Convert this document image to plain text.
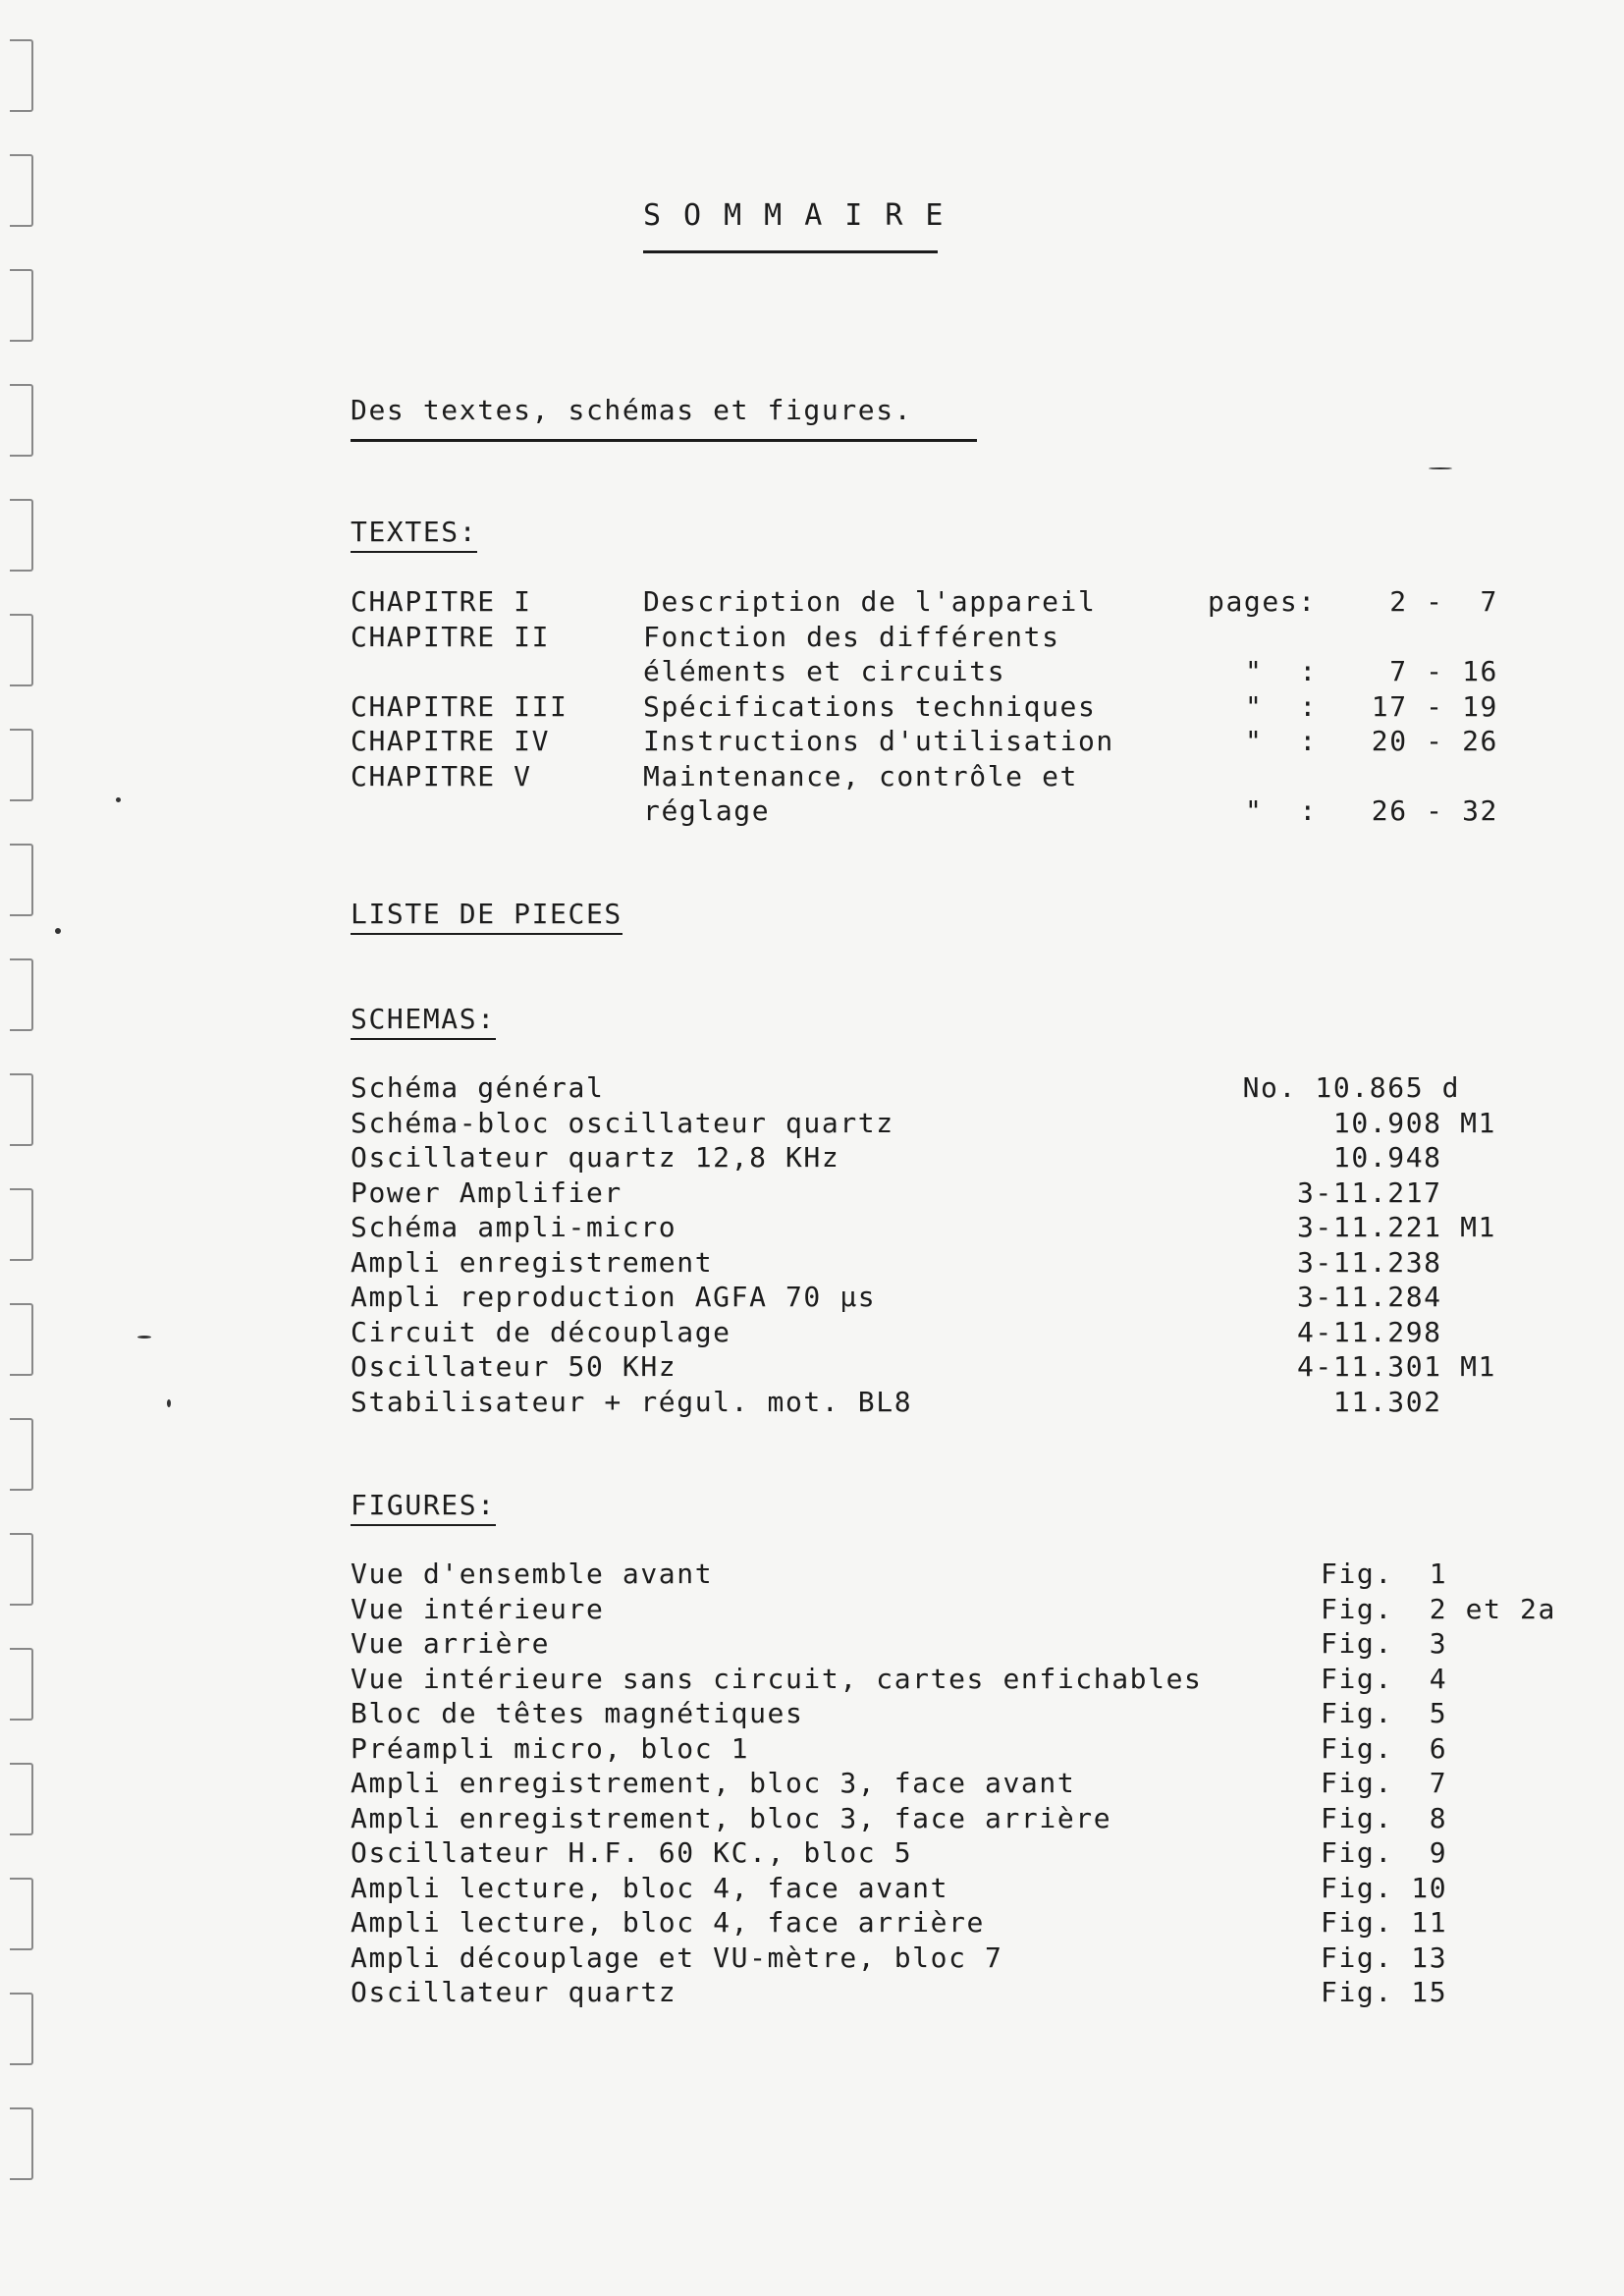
SOMMAIRE
Des textes, schémas et figures.
TEXTES:
CHAPITRE I	Description de l'appareil	pages:	2 -  7
CHAPITRE II	Fonction des différents
éléments et circuits	"  :	7 - 16
CHAPITRE III	Spécifications techniques	"  : 17 - 19
CHAPITRE IV	Instructions d'utilisation	"  : 20 - 26
CHAPITRE V	Maintenance, contrôle et
réglage	"  : 26 - 32
LISTE DE PIECES
SCHEMAS:
Schéma général	No. 10.865 d
Schéma-bloc oscillateur quartz	10.908 M1
Oscillateur quartz 12,8 KHz	10.948
Power Amplifier	3-11.217
Schéma ampli-micro	3-11.221 M1
Ampli enregistrement	3-11.238
Ampli reproduction AGFA 70 µs	3-11.284
Circuit de découplage	4-11.298
Oscillateur 50 KHz	4-11.301 M1
Stabilisateur + régul. mot. BL8	11.302
FIGURES:
Vue d'ensemble avant	Fig.  1
Vue intérieure	Fig.  2 et 2a
Vue arrière	Fig.  3
Vue intérieure sans circuit, cartes enfichables	Fig.  4
Bloc de têtes magnétiques	Fig.  5
Préampli micro, bloc 1	Fig.  6
Ampli enregistrement, bloc 3, face avant	Fig.  7
Ampli enregistrement, bloc 3, face arrière	Fig.  8
Oscillateur H.F. 60 KC., bloc 5	Fig.  9
Ampli lecture, bloc 4, face avant	Fig. 10
Ampli lecture, bloc 4, face arrière	Fig. 11
Ampli découplage et VU-mètre, bloc 7	Fig. 13
Oscillateur quartz	Fig. 15
